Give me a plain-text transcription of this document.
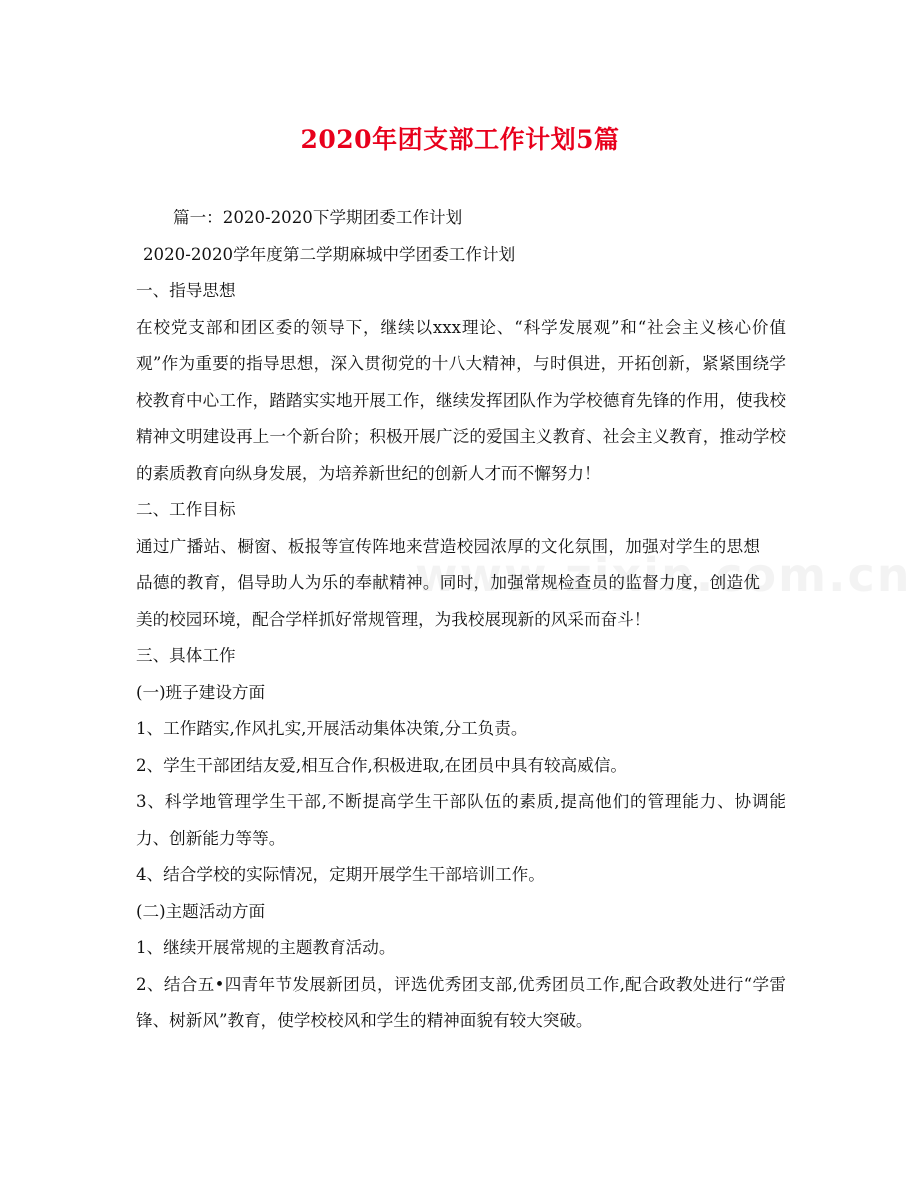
2020年团支部工作计划5篇

篇一：2020-2020下学期团委工作计划

2020-2020学年度第二学期麻城中学团委工作计划

一、指导思想

在校党支部和团区委的领导下，继续以xxx理论、“科学发展观”和“社会主义核心价值观”作为重要的指导思想，深入贯彻党的十八大精神，与时俱进，开拓创新，紧紧围绕学校教育中心工作，踏踏实实地开展工作，继续发挥团队作为学校德育先锋的作用，使我校精神文明建设再上一个新台阶；积极开展广泛的爱国主义教育、社会主义教育，推动学校的素质教育向纵身发展，为培养新世纪的创新人才而不懈努力！

二、工作目标

通过广播站、橱窗、板报等宣传阵地来营造校园浓厚的文化氛围，加强对学生的思想品德的教育，倡导助人为乐的奉献精神。同时，加强常规检查员的监督力度，创造优美的校园环境，配合学样抓好常规管理，为我校展现新的风采而奋斗！

三、具体工作

(一)班子建设方面

1、工作踏实,作风扎实,开展活动集体决策,分工负责。

2、学生干部团结友爱,相互合作,积极进取,在团员中具有较高威信。

3、科学地管理学生干部,不断提高学生干部队伍的素质,提高他们的管理能力、协调能力、创新能力等等。

4、结合学校的实际情况，定期开展学生干部培训工作。

(二)主题活动方面

1、继续开展常规的主题教育活动。

2、结合五•四青年节发展新团员，评选优秀团支部,优秀团员工作,配合政教处进行“学雷锋、树新风”教育，使学校校风和学生的精神面貌有较大突破。
